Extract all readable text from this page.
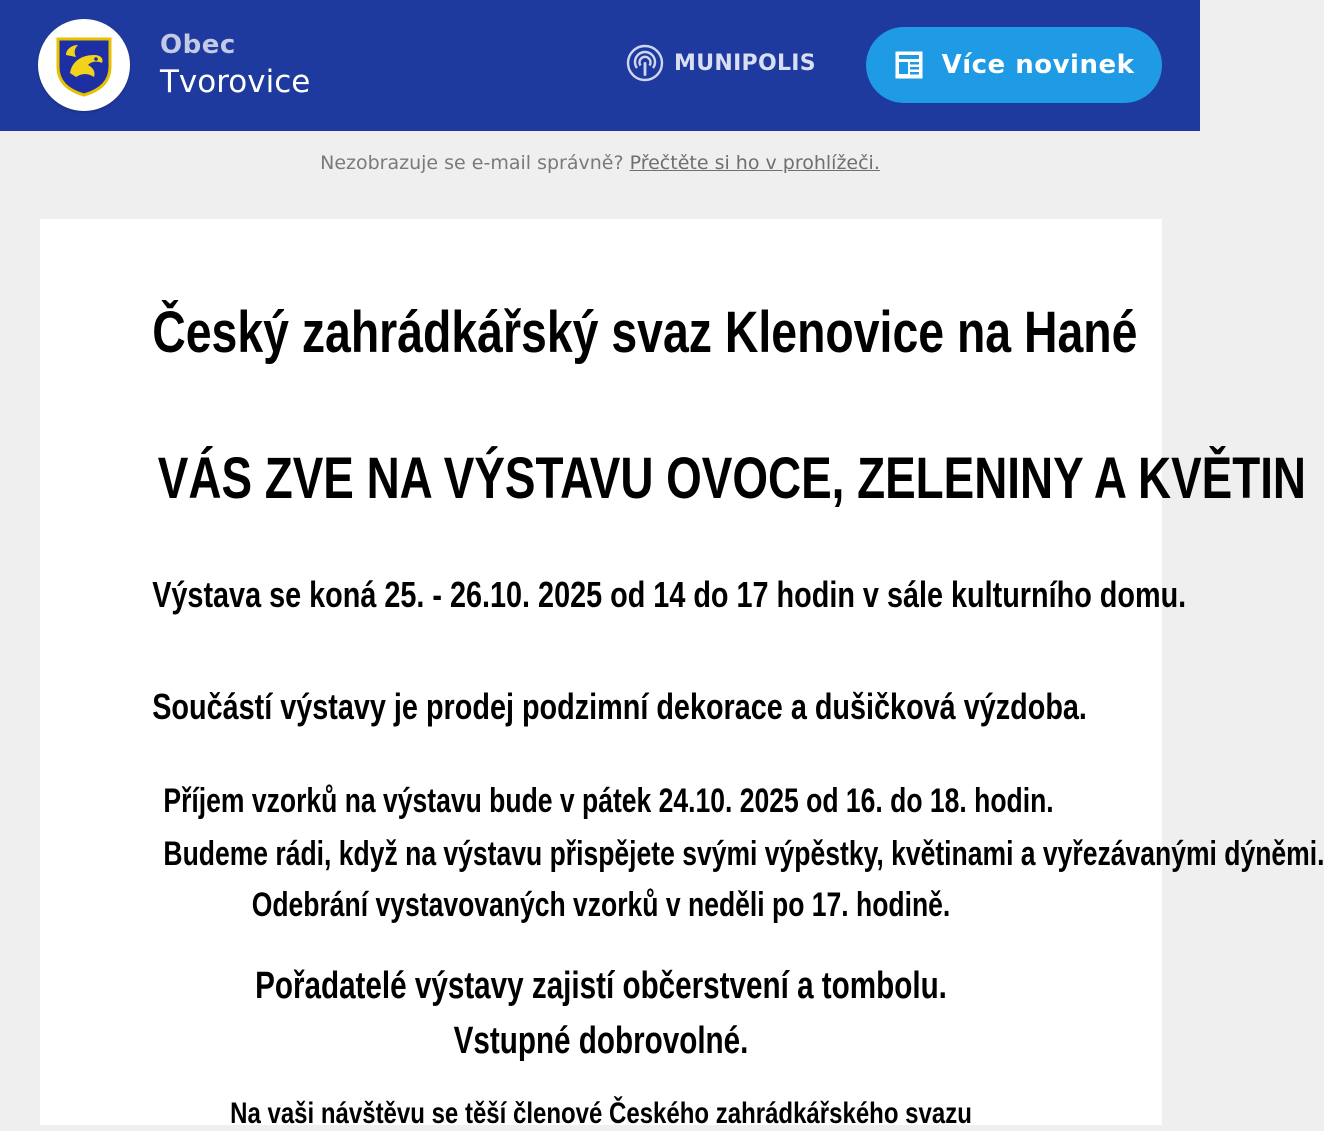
Obec
Tvorovice
MUNIPOLIS	Více novinek
Nezobrazuje se e-mail správně? Přečtěte si ho v prohlížeči.
Český zahrádkářský svaz Klenovice na Hané
VÁS ZVE NA VÝSTAVU OVOCE, ZELENINY A KVĚTIN
Výstava se koná 25. - 26.10. 2025 od 14 do 17 hodin v sále kulturního domu.
Součástí výstavy je prodej podzimní dekorace a dušičková výzdoba.
Příjem vzorků na výstavu bude v pátek 24.10. 2025 od 16. do 18. hodin.
Budeme rádi, když na výstavu přispějete svými výpěstky, květinami a vyřezávanými dýněmi.
Odebrání vystavovaných vzorků v neděli po 17. hodině.
Pořadatelé výstavy zajistí občerstvení a tombolu.
Vstupné dobrovolné.
Na vaši návštěvu se těší členové Českého zahrádkářského svazu
